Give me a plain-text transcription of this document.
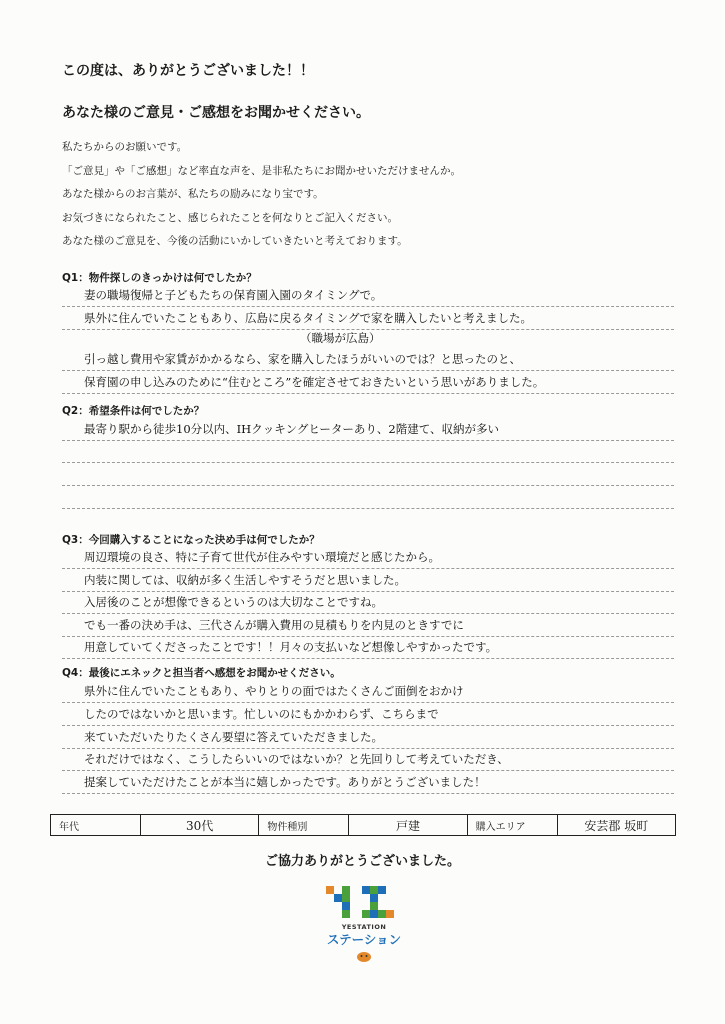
この度は、ありがとうございました！！
あなた様のご意見・ご感想をお聞かせください。
私たちからのお願いです。
「ご意見」や「ご感想」など率直な声を、是非私たちにお聞かせいただけませんか。
あなた様からのお言葉が、私たちの励みになり宝です。
お気づきになられたこと、感じられたことを何なりとご記入ください。
あなた様のご意見を、今後の活動にいかしていきたいと考えております。
Q1：物件探しのきっかけは何でしたか？
妻の職場復帰と子どもたちの保育園入園のタイミングで。
県外に住んでいたこともあり、広島に戻るタイミングで家を購入したいと考えました。
（職場が広島）
引っ越し費用や家賃がかかるなら、家を購入したほうがいいのでは？と思ったのと、
保育園の申し込みのために“住むところ”を確定させておきたいという思いがありました。
Q2：希望条件は何でしたか？
最寄り駅から徒歩10分以内、IHクッキングヒーターあり、2階建て、収納が多い
Q3：今回購入することになった決め手は何でしたか？
周辺環境の良さ、特に子育て世代が住みやすい環境だと感じたから。
内装に関しては、収納が多く生活しやすそうだと思いました。
入居後のことが想像できるというのは大切なことですね。
でも一番の決め手は、三代さんが購入費用の見積もりを内見のときすでに
用意していてくださったことです！！月々の支払いなど想像しやすかったです。
Q4：最後にエネックと担当者へ感想をお聞かせください。
県外に住んでいたこともあり、やりとりの面ではたくさんご面倒をおかけ
したのではないかと思います。忙しいのにもかかわらず、こちらまで
来ていただいたりたくさん要望に答えていただきました。
それだけではなく、こうしたらいいのではないか？と先回りして考えていただき、
提案していただけたことが本当に嬉しかったです。ありがとうございました！
年代	30代	物件種別	戸建	購入エリア	安芸郡 坂町
ご協力ありがとうございました。
YESTATION
ステーション
